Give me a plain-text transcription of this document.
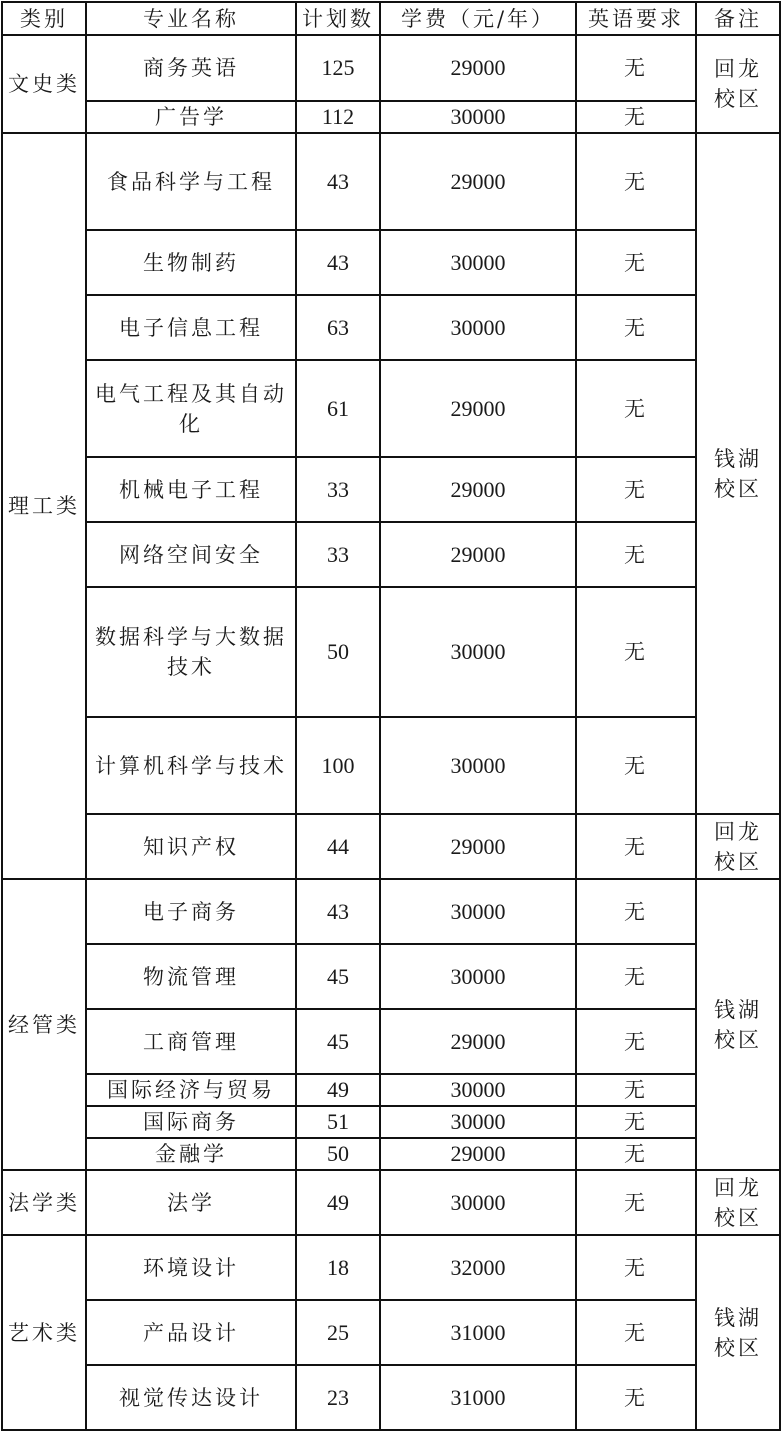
类别	专业名称	计划数	学费（元/年）	英语要求	备注
文史类	商务英语	125	29000	无	回龙校区
	广告学	112	30000	无	
理工类	食品科学与工程	43	29000	无	钱湖校区
	生物制药	43	30000	无	
	电子信息工程	63	30000	无	
	电气工程及其自动化	61	29000	无	
	机械电子工程	33	29000	无	
	网络空间安全	33	29000	无	
	数据科学与大数据技术	50	30000	无	
	计算机科学与技术	100	30000	无	
	知识产权	44	29000	无	回龙校区
经管类	电子商务	43	30000	无	钱湖校区
	物流管理	45	30000	无	
	工商管理	45	29000	无	
	国际经济与贸易	49	30000	无	
	国际商务	51	30000	无	
	金融学	50	29000	无	
法学类	法学	49	30000	无	回龙校区
艺术类	环境设计	18	32000	无	钱湖校区
	产品设计	25	31000	无	
	视觉传达设计	23	31000	无	
